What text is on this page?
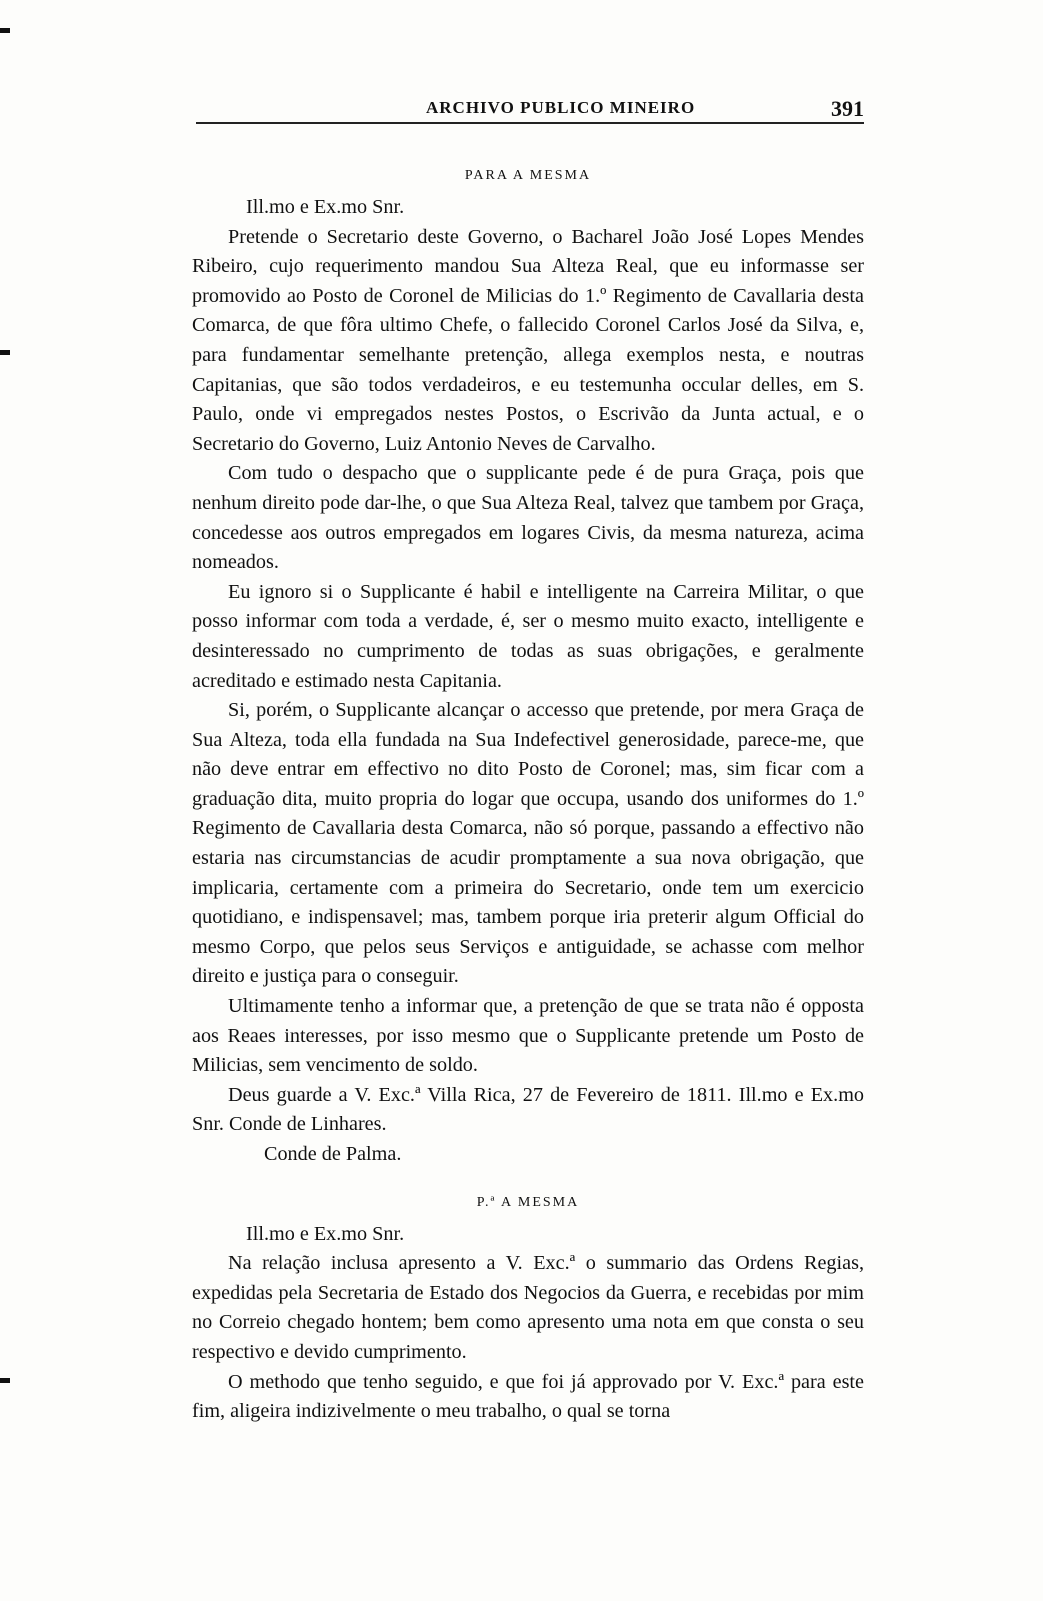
ARCHIVO PUBLICO MINEIRO	391

PARA A MESMA

Ill.mo e Ex.mo Snr.

Pretende o Secretario deste Governo, o Bacharel João José Lopes Mendes Ribeiro, cujo requerimento mandou Sua Alteza Real, que eu informasse ser promovido ao Posto de Coronel de Milicias do 1.º Regimento de Cavallaria desta Comarca, de que fôra ultimo Chefe, o fallecido Coronel Carlos José da Silva, e, para fundamentar semelhante pretenção, allega exemplos nesta, e noutras Capitanias, que são todos verdadeiros, e eu testemunha occular delles, em S. Paulo, onde vi empregados nestes Postos, o Escrivão da Junta actual, e o Secretario do Governo, Luiz Antonio Neves de Carvalho.

Com tudo o despacho que o supplicante pede é de pura Graça, pois que nenhum direito pode dar-lhe, o que Sua Alteza Real, talvez que tambem por Graça, concedesse aos outros empregados em logares Civis, da mesma natureza, acima nomeados.

Eu ignoro si o Supplicante é habil e intelligente na Carreira Militar, o que posso informar com toda a verdade, é, ser o mesmo muito exacto, intelligente e desinteressado no cumprimento de todas as suas obrigações, e geralmente acreditado e estimado nesta Capitania.

Si, porém, o Supplicante alcançar o accesso que pretende, por mera Graça de Sua Alteza, toda ella fundada na Sua Indefectivel generosidade, parece-me, que não deve entrar em effectivo no dito Posto de Coronel; mas, sim ficar com a graduação dita, muito propria do logar que occupa, usando dos uniformes do 1.º Regimento de Cavallaria desta Comarca, não só porque, passando a effectivo não estaria nas circumstancias de acudir promptamente a sua nova obrigação, que implicaria, certamente com a primeira do Secretario, onde tem um exercicio quotidiano, e indispensavel; mas, tambem porque iria preterir algum Official do mesmo Corpo, que pelos seus Serviços e antiguidade, se achasse com melhor direito e justiça para o conseguir.

Ultimamente tenho a informar que, a pretenção de que se trata não é opposta aos Reaes interesses, por isso mesmo que o Supplicante pretende um Posto de Milicias, sem vencimento de soldo.

Deus guarde a V. Exc.ª Villa Rica, 27 de Fevereiro de 1811. Ill.mo e Ex.mo Snr. Conde de Linhares.

Conde de Palma.

P.ª A MESMA

Ill.mo e Ex.mo Snr.

Na relação inclusa apresento a V. Exc.ª o summario das Ordens Regias, expedidas pela Secretaria de Estado dos Negocios da Guerra, e recebidas por mim no Correio chegado hontem; bem como apresento uma nota em que consta o seu respectivo e devido cumprimento.

O methodo que tenho seguido, e que foi já approvado por V. Exc.ª para este fim, aligeira indizivelmente o meu trabalho, o qual se torna
